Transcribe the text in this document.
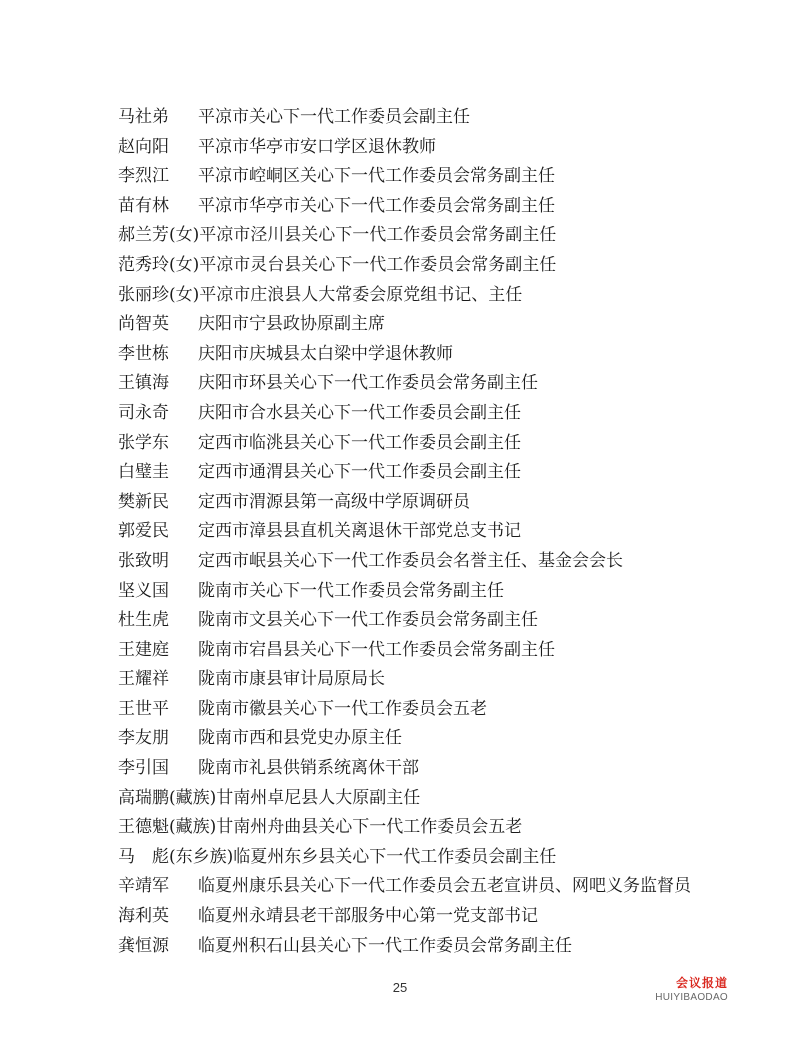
马社弟 平凉市关心下一代工作委员会副主任
赵向阳 平凉市华亭市安口学区退休教师
李烈江 平凉市崆峒区关心下一代工作委员会常务副主任
苗有林 平凉市华亭市关心下一代工作委员会常务副主任
郝兰芳(女)平凉市泾川县关心下一代工作委员会常务副主任
范秀玲(女)平凉市灵台县关心下一代工作委员会常务副主任
张丽珍(女)平凉市庄浪县人大常委会原党组书记、主任
尚智英 庆阳市宁县政协原副主席
李世栋 庆阳市庆城县太白梁中学退休教师
王镇海 庆阳市环县关心下一代工作委员会常务副主任
司永奇 庆阳市合水县关心下一代工作委员会副主任
张学东 定西市临洮县关心下一代工作委员会副主任
白璧圭 定西市通渭县关心下一代工作委员会副主任
樊新民 定西市渭源县第一高级中学原调研员
郭爱民 定西市漳县县直机关离退休干部党总支书记
张致明 定西市岷县关心下一代工作委员会名誉主任、基金会会长
坚义国 陇南市关心下一代工作委员会常务副主任
杜生虎 陇南市文县关心下一代工作委员会常务副主任
王建庭 陇南市宕昌县关心下一代工作委员会常务副主任
王耀祥 陇南市康县审计局原局长
王世平 陇南市徽县关心下一代工作委员会五老
李友朋 陇南市西和县党史办原主任
李引国 陇南市礼县供销系统离休干部
高瑞鹏(藏族)甘南州卓尼县人大原副主任
王德魁(藏族)甘南州舟曲县关心下一代工作委员会五老
马　彪(东乡族)临夏州东乡县关心下一代工作委员会副主任
辛靖军 临夏州康乐县关心下一代工作委员会五老宣讲员、网吧义务监督员
海利英 临夏州永靖县老干部服务中心第一党支部书记
龚恒源 临夏州积石山县关心下一代工作委员会常务副主任
25	会议报道
HUIYIBAODAO
